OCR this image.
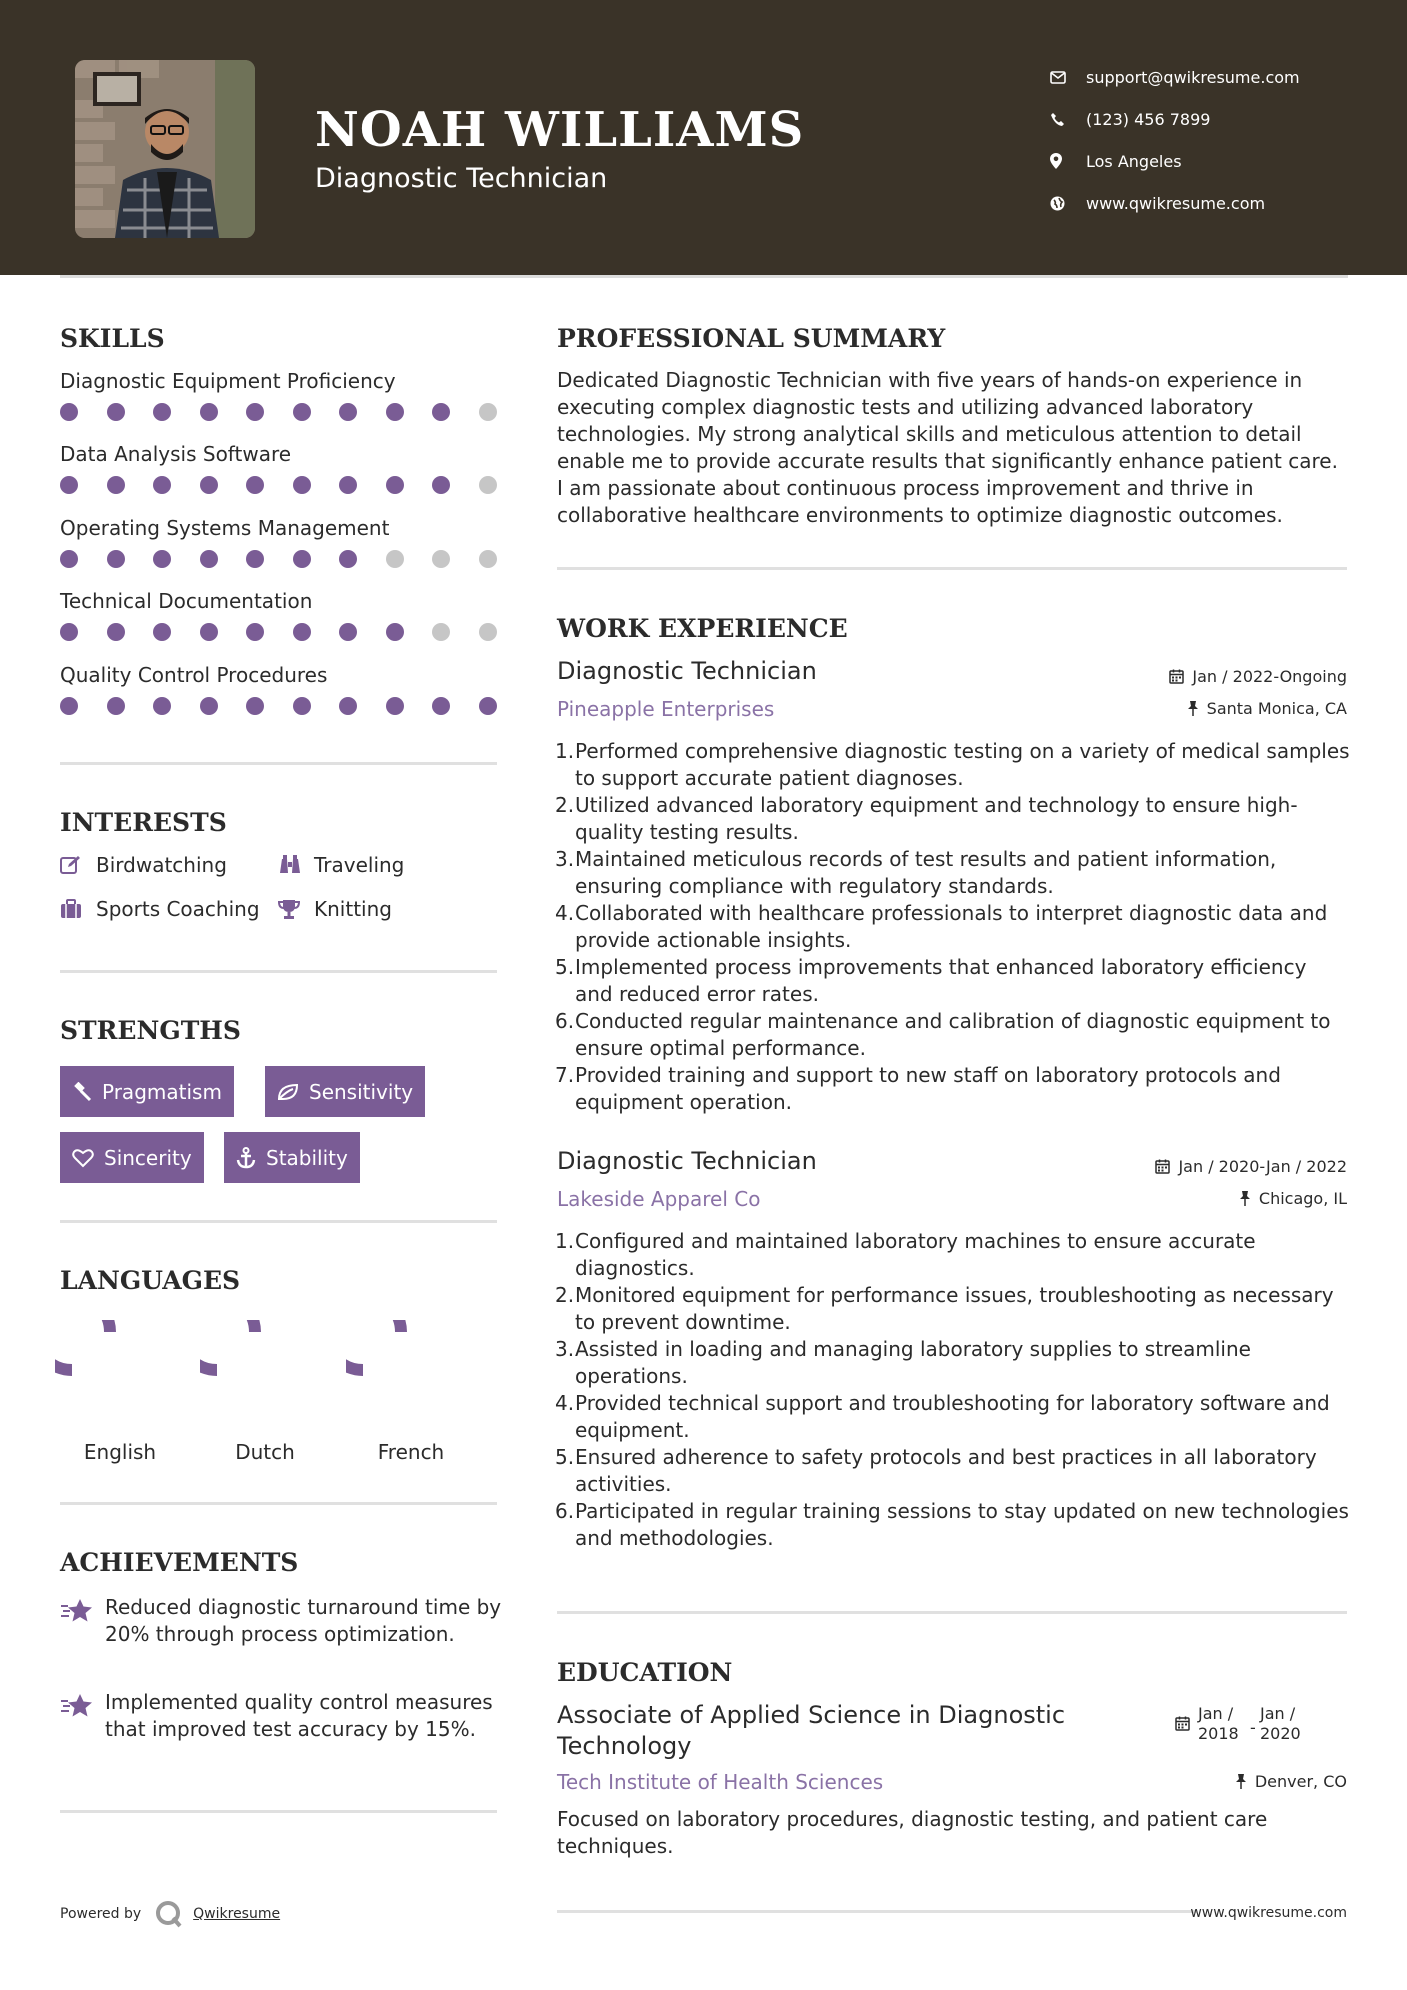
NOAH WILLIAMS
Diagnostic Technician
support@qwikresume.com
(123) 456 7899
Los Angeles
www.qwikresume.com
SKILLS
Diagnostic Equipment Proficiency
Data Analysis Software
Operating Systems Management
Technical Documentation
Quality Control Procedures
INTERESTS
Birdwatching	Traveling
Sports Coaching	Knitting
STRENGTHS
Pragmatism	Sensitivity
Sincerity	Stability
LANGUAGES
English	Dutch	French
ACHIEVEMENTS
Reduced diagnostic turnaround time by 20% through process optimization.
Implemented quality control measures that improved test accuracy by 15%.
PROFESSIONAL SUMMARY
Dedicated Diagnostic Technician with five years of hands-on experience in executing complex diagnostic tests and utilizing advanced laboratory technologies. My strong analytical skills and meticulous attention to detail enable me to provide accurate results that significantly enhance patient care. I am passionate about continuous process improvement and thrive in collaborative healthcare environments to optimize diagnostic outcomes.
WORK EXPERIENCE
Diagnostic Technician	Jan / 2022-Ongoing
Pineapple Enterprises	Santa Monica, CA
1. Performed comprehensive diagnostic testing on a variety of medical samples to support accurate patient diagnoses.
2. Utilized advanced laboratory equipment and technology to ensure high-quality testing results.
3. Maintained meticulous records of test results and patient information, ensuring compliance with regulatory standards.
4. Collaborated with healthcare professionals to interpret diagnostic data and provide actionable insights.
5. Implemented process improvements that enhanced laboratory efficiency and reduced error rates.
6. Conducted regular maintenance and calibration of diagnostic equipment to ensure optimal performance.
7. Provided training and support to new staff on laboratory protocols and equipment operation.
Diagnostic Technician	Jan / 2020-Jan / 2022
Lakeside Apparel Co	Chicago, IL
1. Configured and maintained laboratory machines to ensure accurate diagnostics.
2. Monitored equipment for performance issues, troubleshooting as necessary to prevent downtime.
3. Assisted in loading and managing laboratory supplies to streamline operations.
4. Provided technical support and troubleshooting for laboratory software and equipment.
5. Ensured adherence to safety protocols and best practices in all laboratory activities.
6. Participated in regular training sessions to stay updated on new technologies and methodologies.
EDUCATION
Associate of Applied Science in Diagnostic Technology
Jan /
2018 -
Jan /
2020
Tech Institute of Health Sciences	Denver, CO
Focused on laboratory procedures, diagnostic testing, and patient care techniques.
Powered by	Qwikresume	www.qwikresume.com
